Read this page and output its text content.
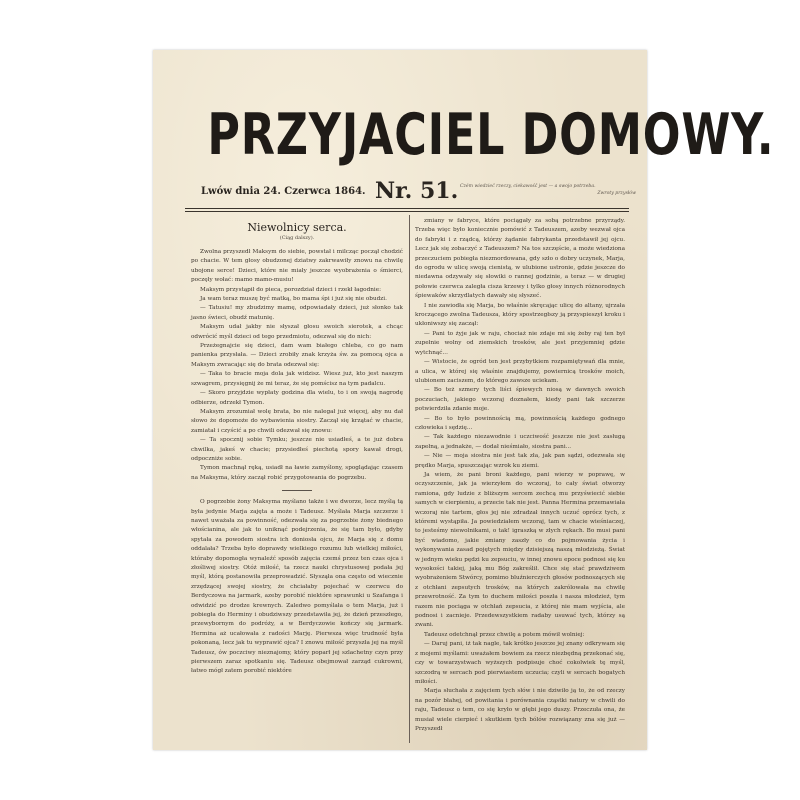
PRZYJACIEL DOMOWY.
Lwów dnia 24. Czerwca 1864. Nr. 51. Czém wiedzieć rzeczy, ciekawość jest — a swojo potrzeba.
Zwroty przysłów
Niewolnicy serca.
(Ciąg dalszy).

Zwolna przyszedł Maksym do siebie, powstał i milcząc począł chodzić po chacie. W tem głosy obudzonej dziatwy zakrwawiły znowu na chwilę ubojone serce! Dzieci, które nie miały jeszcze wyobrażenia o śmierci, poczęły wołać: mamo mamo-musiu!

Maksym przystąpił do pieca, porozdział dzieci i rzekł łagodnie:

Ja wam teraz muszę być matką, bo mama śpi i już się nie obudzi.

— Tatusiu! my zbudzimy mamę, odpowiadały dzieci, już słonko tak jasno świeci, obudź matunię.

Maksym udał jakby nie słyszał głosu swoich sierotek, a chcąc odwrócić myśl dzieci od tego przedmiotu, odezwał się do nich:

Przeżegnajcie się dzieci, dam wam białego chleba, co go nam panienka przysłała. — Dzieci zrobiły znak krzyża św. za pomocą ojca a Maksym zwracając się do brata odezwał się:

— Taka to bracie moja dola jak widzisz. Wiesz już, kto jest naszym szwagrem, przysięgnij że mi teraz, że się pomścisz na tym padalcu.

— Skoro przyjdzie wypłaty godzina dla wielu, to i on swoją nagrodę odbierze, odrzekł Tymon.

Maksym zrozumiał wolę brata, bo nie nalegał już więcej, aby nu dał słowo że dopomoże do wybawienia siostry. Zaczął się krzątać w chacie, zamiatał i czyścić a po chwili odezwał się znowu:

— Ta spocznij sobie Tymku; jeszcze nie usiadłeś, a te już dobra chwilka, jakeś w chacie; przysiedłeś piechotą spory kawał drogi, odpoczniże sobie.

Tymon machnął ręką, usiadł na ławie zamyślony, spoglądając czasem na Maksyma, który zaczął robić przygotowania do pogrzebu.

O pogrzebie żony Maksyma myślano także i we dworze, lecz myślą tą była jedynie Marja zajęta a może i Tadeusz. Myślała Marja szczerze i nawet uważała za powinność, odezwała się za pogrzebie żony biednego włościanina, ale jak to uniknąć podejrzenia, że się tam było, gdyby spytała za powodem siostra ich doniosła ojcu, że Marja się z domu oddalała? Trzeba było doprawdy wielkiego rozumu lub wielkiej miłości, któraby dopomogła wynaleźć sposób zajęcia czemś przez ten czas ojca i złośliwej siostry. Otóż miłość, ta rzecz nauki chrystusowej podała jej myśl, którą postanowiła przeprowadzić. Słysząła ona często od wiecznie zrzędzącej swojej siostry, że chciałaby pojechać w czerwcu do Berdyczowa na jarmark, azeby porobić niektóre sprawunki u Szafanga i odwidzić po drodze krewnych. Zaledwo pomyślała o tem Marja, już i pobiegła do Herminy i obudziwszy przedstawiła jej, że dzień przeszłego, przewybornym do podróży, a w Berdyczowie kończy się jarmark. Hermina aż ucałowała z radości Marję. Pierwsza więc trudność była pokonaną, lecz jak tu wyprawić ojca? I znowu miłość przyszła jej na myśl Tadeusz, ów poczciwy nieznajomy, który poparł jej szlachetny czyn przy pierwszem zaraz spotkaniu się. Tadeusz obejmował zarząd cukrowni, łatwo mógł zatem porobić niektóre

zmiany w fabryce, które pociągały za sobą potrzebne przyrządy. Trzeba więc było koniecznie pomówić z Tadeuszem, azeby wezwał ojca do fabryki i z rządcą, którzy żądanie fabrykanta przedstawił jej ojcu. Lecz jak się zobaczyć z Tadeuszem? Na tos szczęście, a może wiedziona przeczuciem pobiegła niezmordowana, gdy szło o dobry uczynek, Marja, do ogrodu w ulicę swoją cienistą, w ulubione ustronie, gdzie jeszcze do niedawna odzywały się słowiki o rannej godzinie, a teraz — w drugiej połowie czerwca zaległa cisza krzewy i tylko głosy innych różnorodnych śpiewaków skrzydlatych dawały się słyszeć.

I nie zawiodła się Marja, bo właśnie skręcając ulicę do altany, ujrzała kroczącego zwolna Tadeusza, który spostrzegłszy ją przyspieszył kroku i ukłoniwszy się zaczął:

— Pani to żyje jak w raju, chociaż nie zdaje mi się żeby raj ten był zupełnie wolny od ziemskich trosków, ale jest przyjemniej gdzie wytchnąć...

— Wistocie, że ogród ten jest przybytkiem rozpamiętywań dla mnie, a ulica, w której się właśnie znajdujemy, powiernicą trosków moich, ulubionem zaciszem, do którego zawsze uciekam.

— Bo też szmery tych liści śpiewych niosą w dawnych swoich poczuciach, jakiego wczoraj doznałem, kiedy pani tak szczerze potwierdziła zdanie moje.

— Bo to było powinnością mą, powinnością każdego godnego człowieka i sędzię...

— Tak każdego niezawodnie i uczciwość jeszcze nie jest zasługą zapełną, a jednakże, — dodał nieśmiało, siostra pani...

— Nie — moja siostra nie jest tak zła, jak pan sądzi, odezwała się prędko Marja, spuszczając wzrok ku ziemi.

Ja wiem, że pani broni każdego, pani wierzy w poprawę, w oczyszczenie, jak ja wierzyłem do wczoraj, to cały świat otworzy ramiona, gdy ludzie z bliższym sercem zechcą mu przyświecić siebie samych w cierpieniu, a przecie tak nie jest. Panna Hermina przemawiała wczoraj nie tartem, głos jej nie zdradzał innych uczuć oprócz tych, z któremi wystąpiła. Ja powiedziałem wczoraj, tam w chacie wieśniaczej, to jesteśmy niewolnikami, o tak! igraszką w złych rękach. Bo musi pani być wiadomo, jakie zmiany zaszły co do pojmowania życia i wykonywania zasad pojętych między dzisiejszą naszą młodzieżą. Świat w jednym wieku pędzi ku zepsuciu, w innej znowu epoce podnosi się ku wysokości takiej, jaką mu Bóg zakreślił. Chce się stać prawdziwem wyobrażeniem Stwórcy, pomimo bluźnierczych głosów podnoszących się z otchłani zepsutych trosków, na których zakrólowała na chwilę przewrotność. Za tym to duchem miłości poszła i nasza młodzież, tym razem nie pociąga w otchłań zepsucia, z której nie mam wyjścia, ale podnosi i zacnieje. Przedewszystkiem radaby usuwać tych, którzy są zwani.

Tadeusz odetchnął przez chwilę a potem mówił wolniej:

— Daruj pani, iż tak nagle, tak krótko jeszcze jej znany odkrywam się z mojemi myślami: uważałem bowiem za rzecz niezbędną przekonać się, czy w towarzystwach wyższych podpisuje choć cokolwiek tę myśl, szczodrą w sercach pod pierwiastem uczucia; czyli w sercach bogatych miłości.

Marja słuchała z zajęciem tych słów i nie dziwiło ją to, że od rzeczy na pozór błahej, od powitania i porównania cząstki natury w chwili do raju, Tadeusz o tem, co się kryło w głębi jego duszy. Przeczuła ona, że musiał wiele cierpieć i skutkiem tych bólów rozwiązany zna się już — Przyszedł
